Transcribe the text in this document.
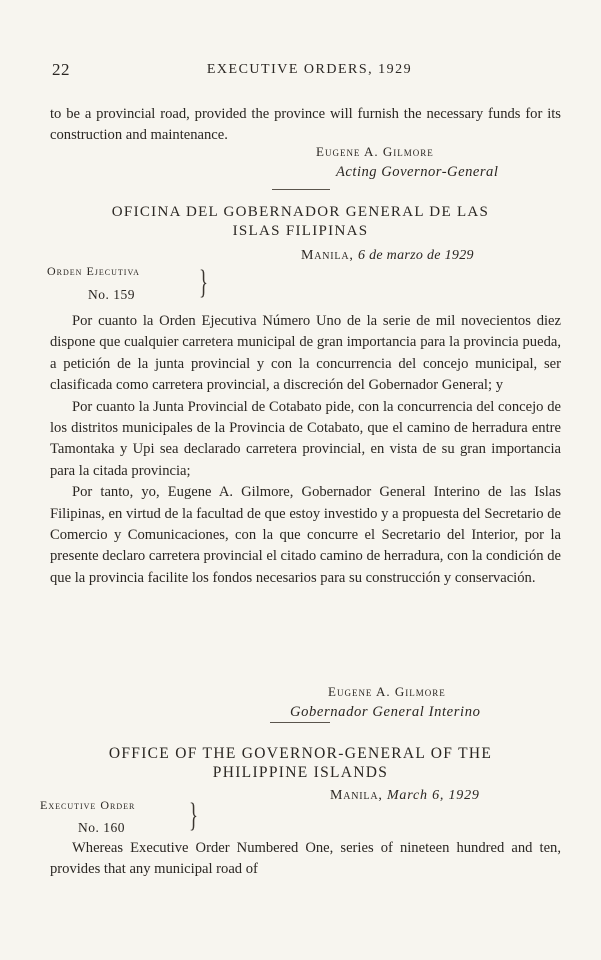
22	EXECUTIVE ORDERS, 1929

to be a provincial road, provided the province will furnish the necessary funds for its construction and maintenance.

Eugene A. Gilmore
Acting Governor-General
OFICINA DEL GOBERNADOR GENERAL DE LAS
ISLAS FILIPINAS
Manila, 6 de marzo de 1929
Orden Ejecutiva
No. 159 }

Por cuanto la Orden Ejecutiva Número Uno de la serie de mil novecientos diez dispone que cualquier carretera municipal de gran importancia para la provincia pueda, a petición de la junta provincial y con la concurrencia del concejo municipal, ser clasificada como carretera provincial, a discreción del Gobernador General; y

Por cuanto la Junta Provincial de Cotabato pide, con la concurrencia del concejo de los distritos municipales de la Provincia de Cotabato, que el camino de herradura entre Tamontaka y Upi sea declarado carretera provincial, en vista de su gran importancia para la citada provincia;

Por tanto, yo, Eugene A. Gilmore, Gobernador General Interino de las Islas Filipinas, en virtud de la facultad de que estoy investido y a propuesta del Secretario de Comercio y Comunicaciones, con la que concurre el Secretario del Interior, por la presente declaro carretera provincial el citado camino de herradura, con la condición de que la provincia facilite los fondos necesarios para su construcción y conservación.

Eugene A. Gilmore
Gobernador General Interino
OFFICE OF THE GOVERNOR-GENERAL OF THE
PHILIPPINE ISLANDS
Manila, March 6, 1929
Executive Order
No. 160 }

Whereas Executive Order Numbered One, series of nineteen hundred and ten, provides that any municipal road of
